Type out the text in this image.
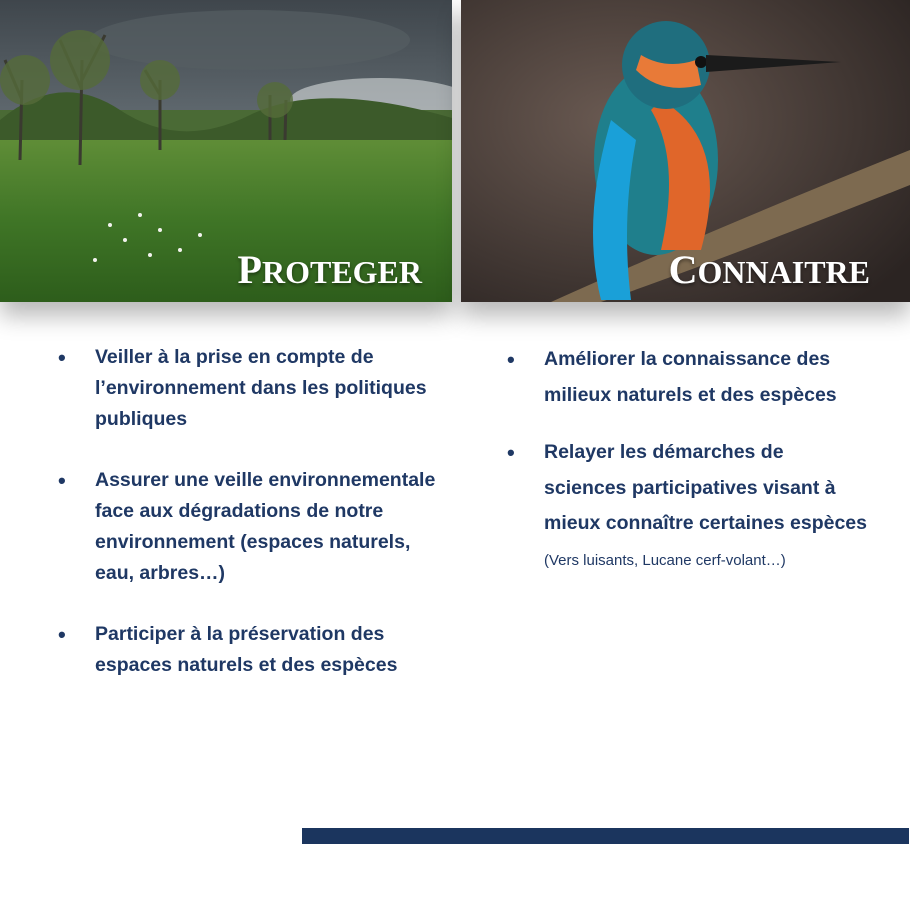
PROTEGER	CONNAITRE
• Veiller à la prise en compte de l’environnement dans les politiques publiques
• Assurer une veille environnementale face aux dégradations de notre environnement (espaces naturels, eau, arbres…)
• Participer à la préservation des espaces naturels et des espèces
• Améliorer la connaissance des milieux naturels et des espèces
• Relayer les démarches de sciences participatives visant à mieux connaître certaines espèces (Vers luisants, Lucane cerf-volant…)
